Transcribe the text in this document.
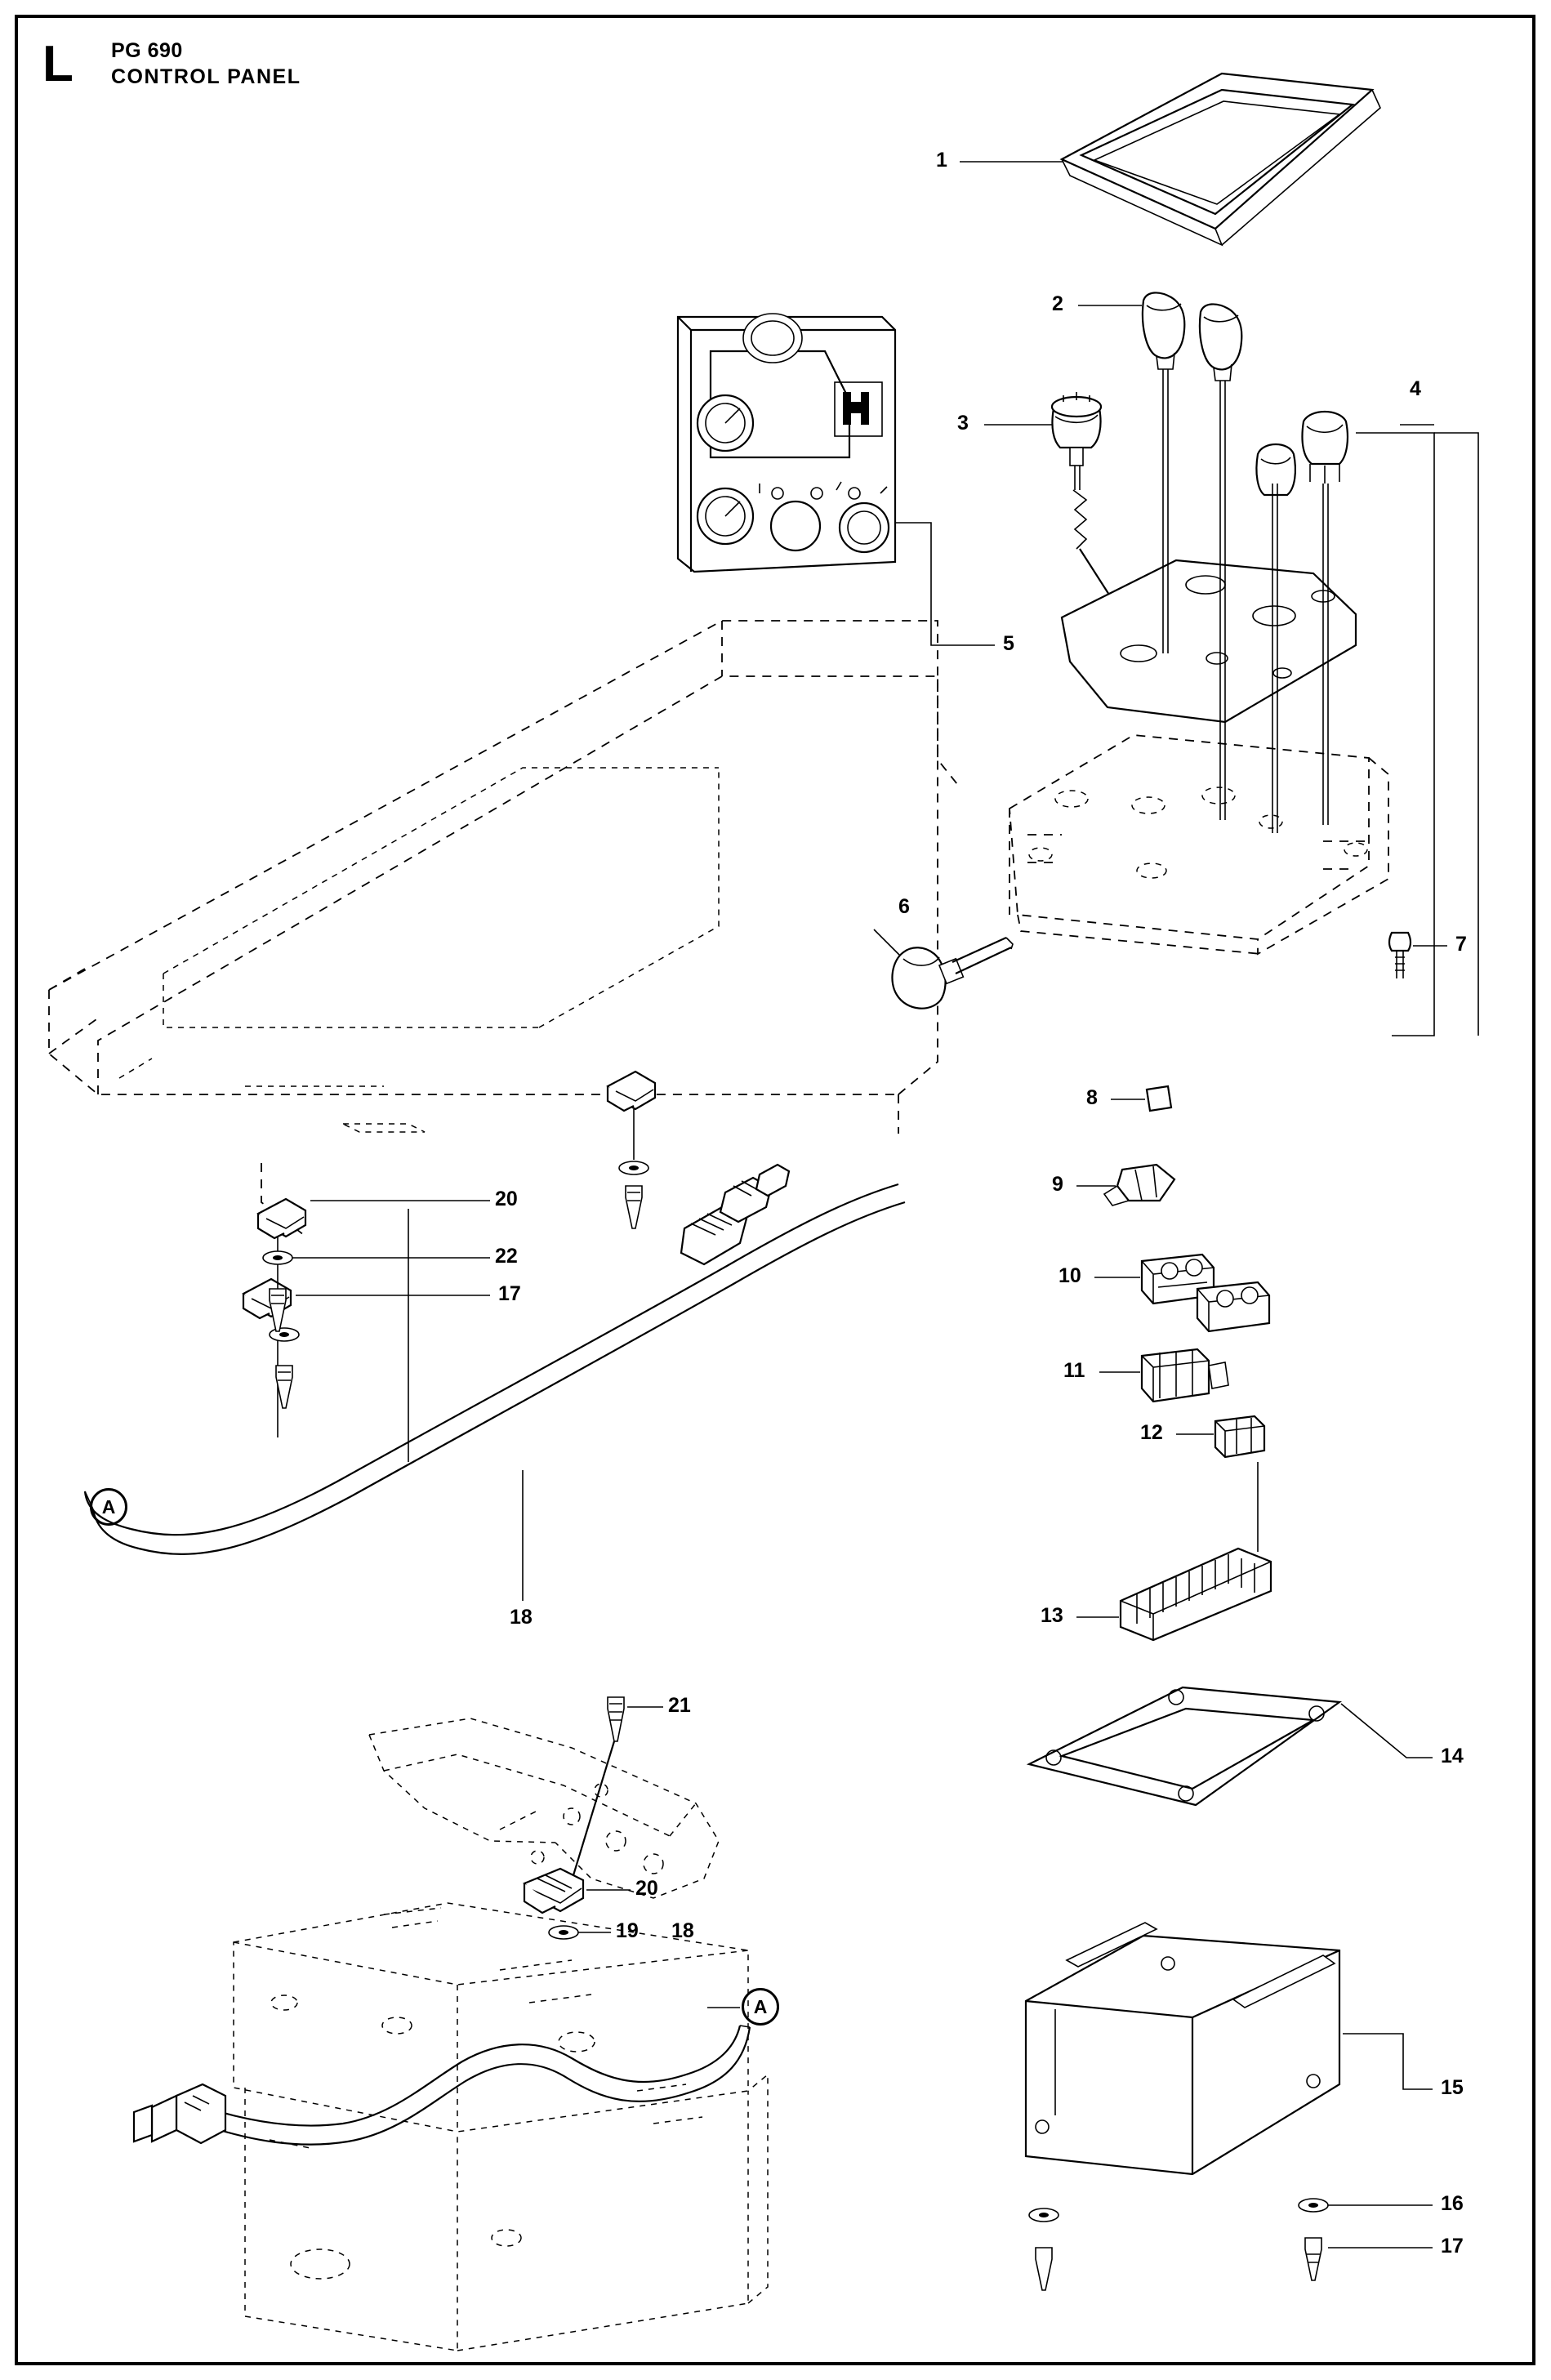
L PG 690
CONTROL PANEL
1
2
3
4
5
6
7
8
9
10
11
12
13
14
15
16
17
18
20
22
17
21
20
19 18
A
A
